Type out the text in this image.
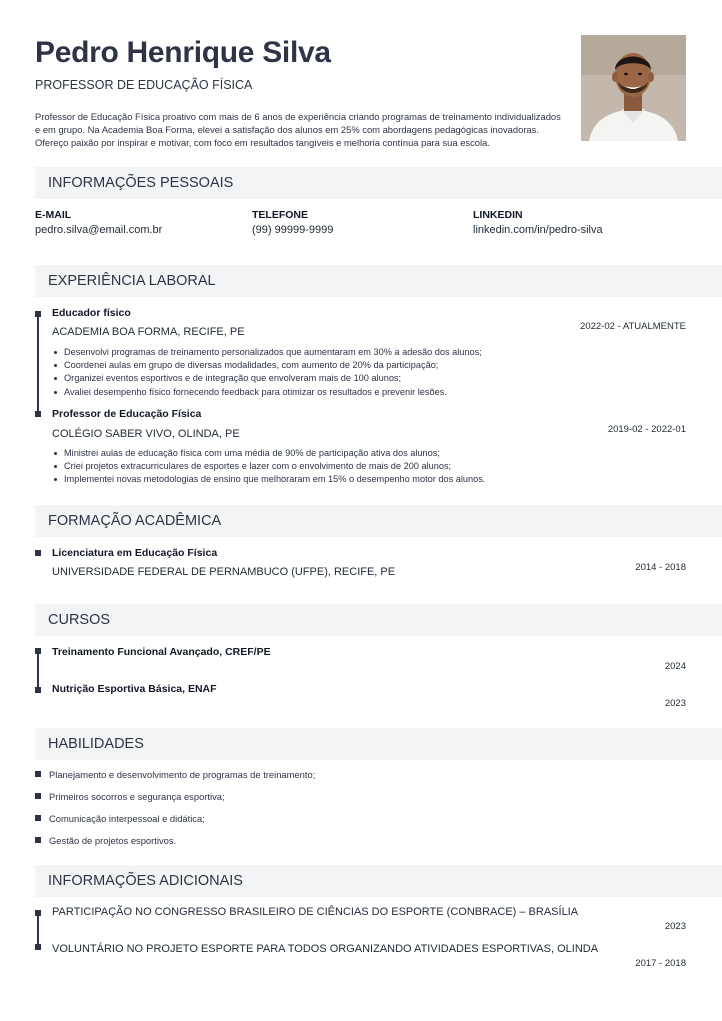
Pedro Henrique Silva
PROFESSOR DE EDUCAÇÃO FÍSICA
Professor de Educação Física proativo com mais de 6 anos de experiência criando programas de treinamento individualizados e em grupo. Na Academia Boa Forma, elevei a satisfação dos alunos em 25% com abordagens pedagógicas inovadoras. Ofereço paixão por inspirar e motivar, com foco em resultados tangíveis e melhoria contínua para sua escola.
INFORMAÇÕES PESSOAIS
E-MAIL
pedro.silva@email.com.br
TELEFONE
(99) 99999-9999
LINKEDIN
linkedin.com/in/pedro-silva
EXPERIÊNCIA LABORAL
Educador físico
ACADEMIA BOA FORMA, RECIFE, PE	2022-02 - ATUALMENTE
Desenvolvi programas de treinamento personalizados que aumentaram em 30% a adesão dos alunos;
Coordenei aulas em grupo de diversas modalidades, com aumento de 20% da participação;
Organizei eventos esportivos e de integração que envolveram mais de 100 alunos;
Avaliei desempenho físico fornecendo feedback para otimizar os resultados e prevenir lesões.
Professor de Educação Física
COLÉGIO SABER VIVO, OLINDA, PE	2019-02 - 2022-01
Ministrei aulas de educação física com uma média de 90% de participação ativa dos alunos;
Criei projetos extracurriculares de esportes e lazer com o envolvimento de mais de 200 alunos;
Implementei novas metodologias de ensino que melhoraram em 15% o desempenho motor dos alunos.
FORMAÇÃO ACADÊMICA
Licenciatura em Educação Física
UNIVERSIDADE FEDERAL DE PERNAMBUCO (UFPE), RECIFE, PE	2014 - 2018
CURSOS
Treinamento Funcional Avançado, CREF/PE
2024
Nutrição Esportiva Básica, ENAF
2023
HABILIDADES
Planejamento e desenvolvimento de programas de treinamento;
Primeiros socorros e segurança esportiva;
Comunicação interpessoal e didática;
Gestão de projetos esportivos.
INFORMAÇÕES ADICIONAIS
PARTICIPAÇÃO NO CONGRESSO BRASILEIRO DE CIÊNCIAS DO ESPORTE (CONBRACE) – BRASÍLIA
2023
VOLUNTÁRIO NO PROJETO ESPORTE PARA TODOS ORGANIZANDO ATIVIDADES ESPORTIVAS, OLINDA
2017 - 2018
